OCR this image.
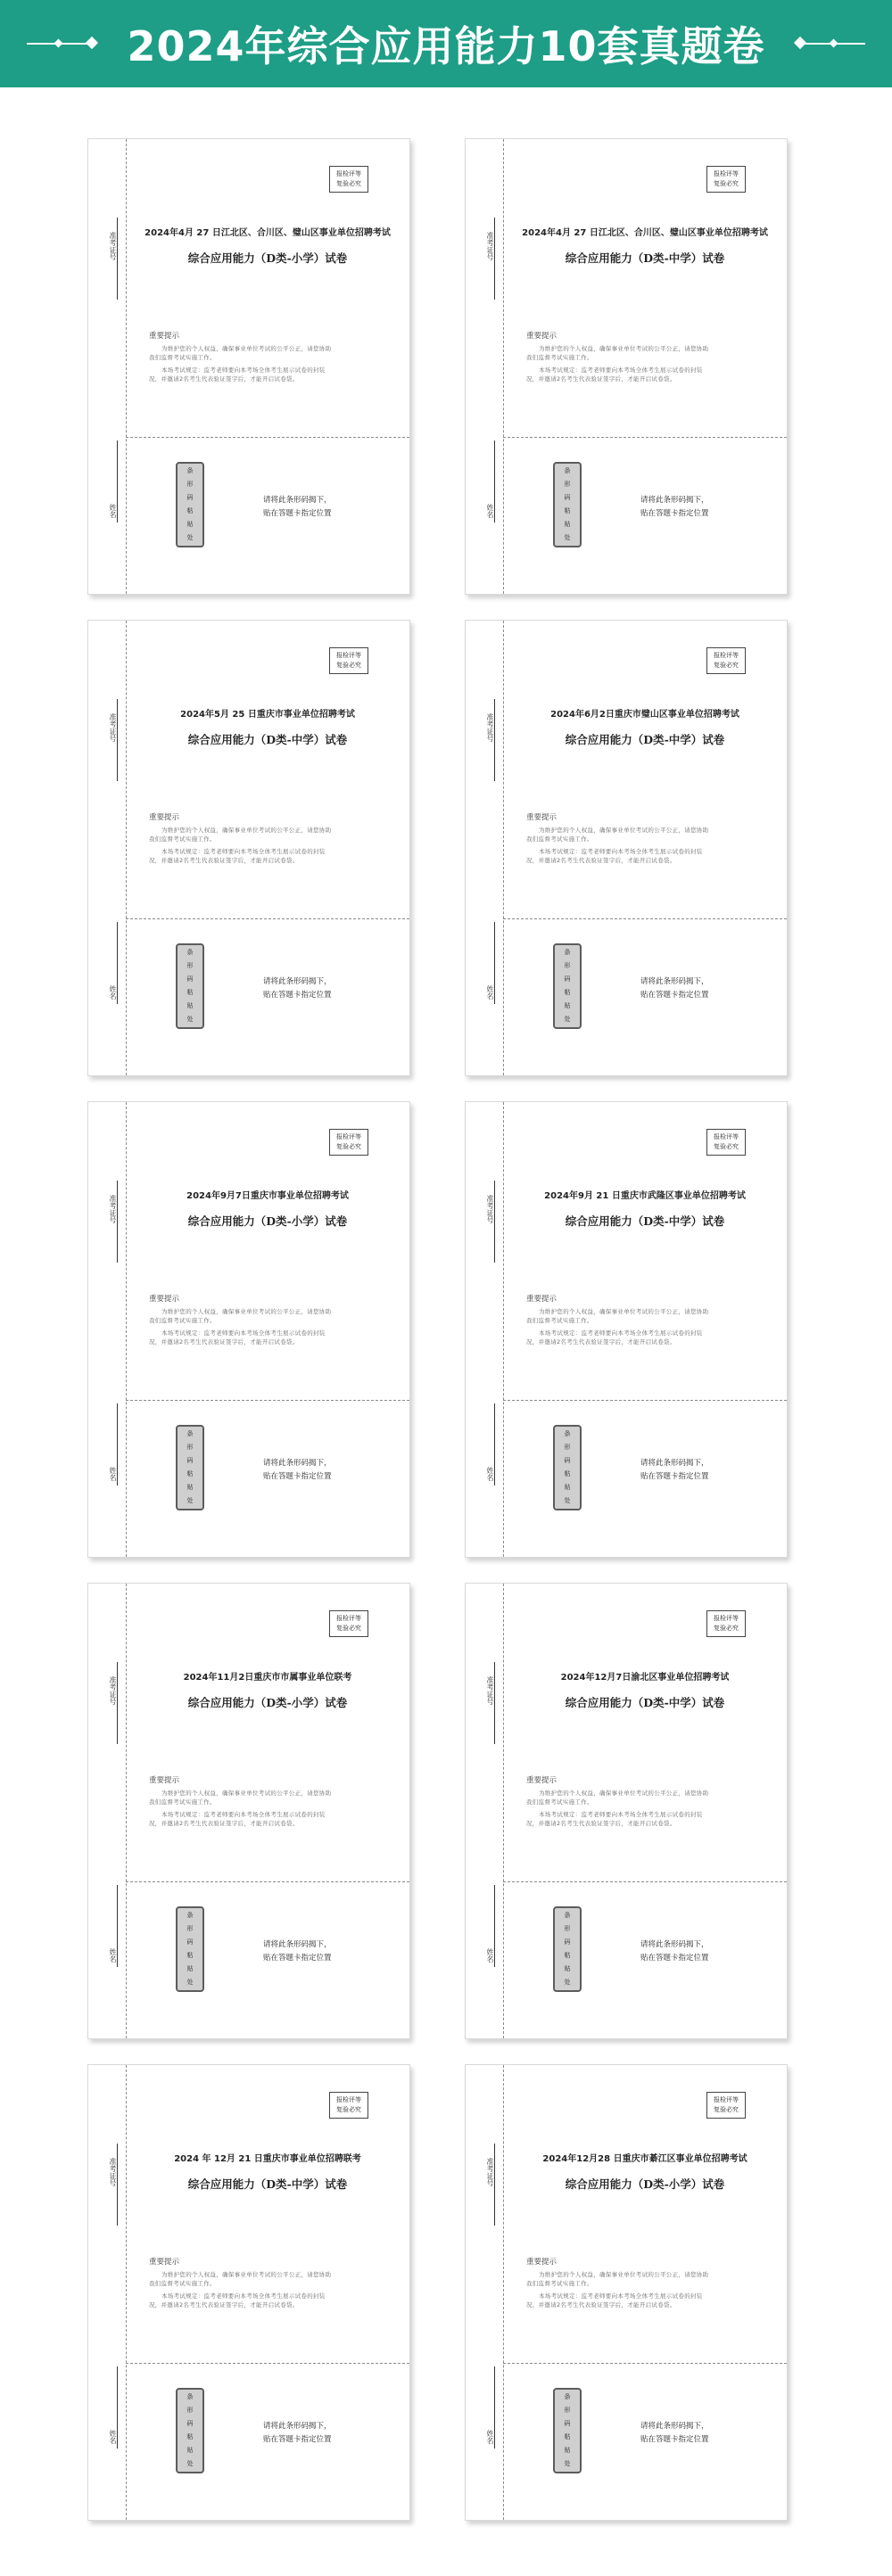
2024年综合应用能力10套真题卷
准考证号
姓名
报检评等
复验必究
2024年4月 27 日江北区、合川区、璧山区事业单位招聘考试
综合应用能力（D类-小学）试卷
重要提示
为维护您的个人权益，确保事业单位考试的公平公正，请您协助
我们监督考试实施工作。
本场考试规定：监考老师要向本考场全体考生展示试卷的封装
况，并邀请2名考生代表验证签字后，才能开启试卷袋。
条
形
码
粘
贴
处
请将此条形码揭下，
贴在答题卡指定位置
准考证号
姓名
报检评等
复验必究
2024年4月 27 日江北区、合川区、璧山区事业单位招聘考试
综合应用能力（D类-中学）试卷
重要提示
为维护您的个人权益，确保事业单位考试的公平公正，请您协助
我们监督考试实施工作。
本场考试规定：监考老师要向本考场全体考生展示试卷的封装
况，并邀请2名考生代表验证签字后，才能开启试卷袋。
条
形
码
粘
贴
处
请将此条形码揭下，
贴在答题卡指定位置
准考证号
姓名
报检评等
复验必究
2024年5月 25 日重庆市事业单位招聘考试
综合应用能力（D类-中学）试卷
重要提示
为维护您的个人权益，确保事业单位考试的公平公正，请您协助
我们监督考试实施工作。
本场考试规定：监考老师要向本考场全体考生展示试卷的封装
况，并邀请2名考生代表验证签字后，才能开启试卷袋。
条
形
码
粘
贴
处
请将此条形码揭下，
贴在答题卡指定位置
准考证号
姓名
报检评等
复验必究
2024年6月2日重庆市璧山区事业单位招聘考试
综合应用能力（D类-中学）试卷
重要提示
为维护您的个人权益，确保事业单位考试的公平公正，请您协助
我们监督考试实施工作。
本场考试规定：监考老师要向本考场全体考生展示试卷的封装
况，并邀请2名考生代表验证签字后，才能开启试卷袋。
条
形
码
粘
贴
处
请将此条形码揭下，
贴在答题卡指定位置
准考证号
姓名
报检评等
复验必究
2024年9月7日重庆市事业单位招聘考试
综合应用能力（D类-小学）试卷
重要提示
为维护您的个人权益，确保事业单位考试的公平公正，请您协助
我们监督考试实施工作。
本场考试规定：监考老师要向本考场全体考生展示试卷的封装
况，并邀请2名考生代表验证签字后，才能开启试卷袋。
条
形
码
粘
贴
处
请将此条形码揭下，
贴在答题卡指定位置
准考证号
姓名
报检评等
复验必究
2024年9月 21 日重庆市武隆区事业单位招聘考试
综合应用能力（D类-中学）试卷
重要提示
为维护您的个人权益，确保事业单位考试的公平公正，请您协助
我们监督考试实施工作。
本场考试规定：监考老师要向本考场全体考生展示试卷的封装
况，并邀请2名考生代表验证签字后，才能开启试卷袋。
条
形
码
粘
贴
处
请将此条形码揭下，
贴在答题卡指定位置
准考证号
姓名
报检评等
复验必究
2024年11月2日重庆市市属事业单位联考
综合应用能力（D类-小学）试卷
重要提示
为维护您的个人权益，确保事业单位考试的公平公正，请您协助
我们监督考试实施工作。
本场考试规定：监考老师要向本考场全体考生展示试卷的封装
况，并邀请2名考生代表验证签字后，才能开启试卷袋。
条
形
码
粘
贴
处
请将此条形码揭下，
贴在答题卡指定位置
准考证号
姓名
报检评等
复验必究
2024年12月7日渝北区事业单位招聘考试
综合应用能力（D类-中学）试卷
重要提示
为维护您的个人权益，确保事业单位考试的公平公正，请您协助
我们监督考试实施工作。
本场考试规定：监考老师要向本考场全体考生展示试卷的封装
况，并邀请2名考生代表验证签字后，才能开启试卷袋。
条
形
码
粘
贴
处
请将此条形码揭下，
贴在答题卡指定位置
准考证号
姓名
报检评等
复验必究
2024 年 12月 21 日重庆市事业单位招聘联考
综合应用能力（D类-中学）试卷
重要提示
为维护您的个人权益，确保事业单位考试的公平公正，请您协助
我们监督考试实施工作。
本场考试规定：监考老师要向本考场全体考生展示试卷的封装
况，并邀请2名考生代表验证签字后，才能开启试卷袋。
条
形
码
粘
贴
处
请将此条形码揭下，
贴在答题卡指定位置
准考证号
姓名
报检评等
复验必究
2024年12月28 日重庆市綦江区事业单位招聘考试
综合应用能力（D类-小学）试卷
重要提示
为维护您的个人权益，确保事业单位考试的公平公正，请您协助
我们监督考试实施工作。
本场考试规定：监考老师要向本考场全体考生展示试卷的封装
况，并邀请2名考生代表验证签字后，才能开启试卷袋。
条
形
码
粘
贴
处
请将此条形码揭下，
贴在答题卡指定位置
